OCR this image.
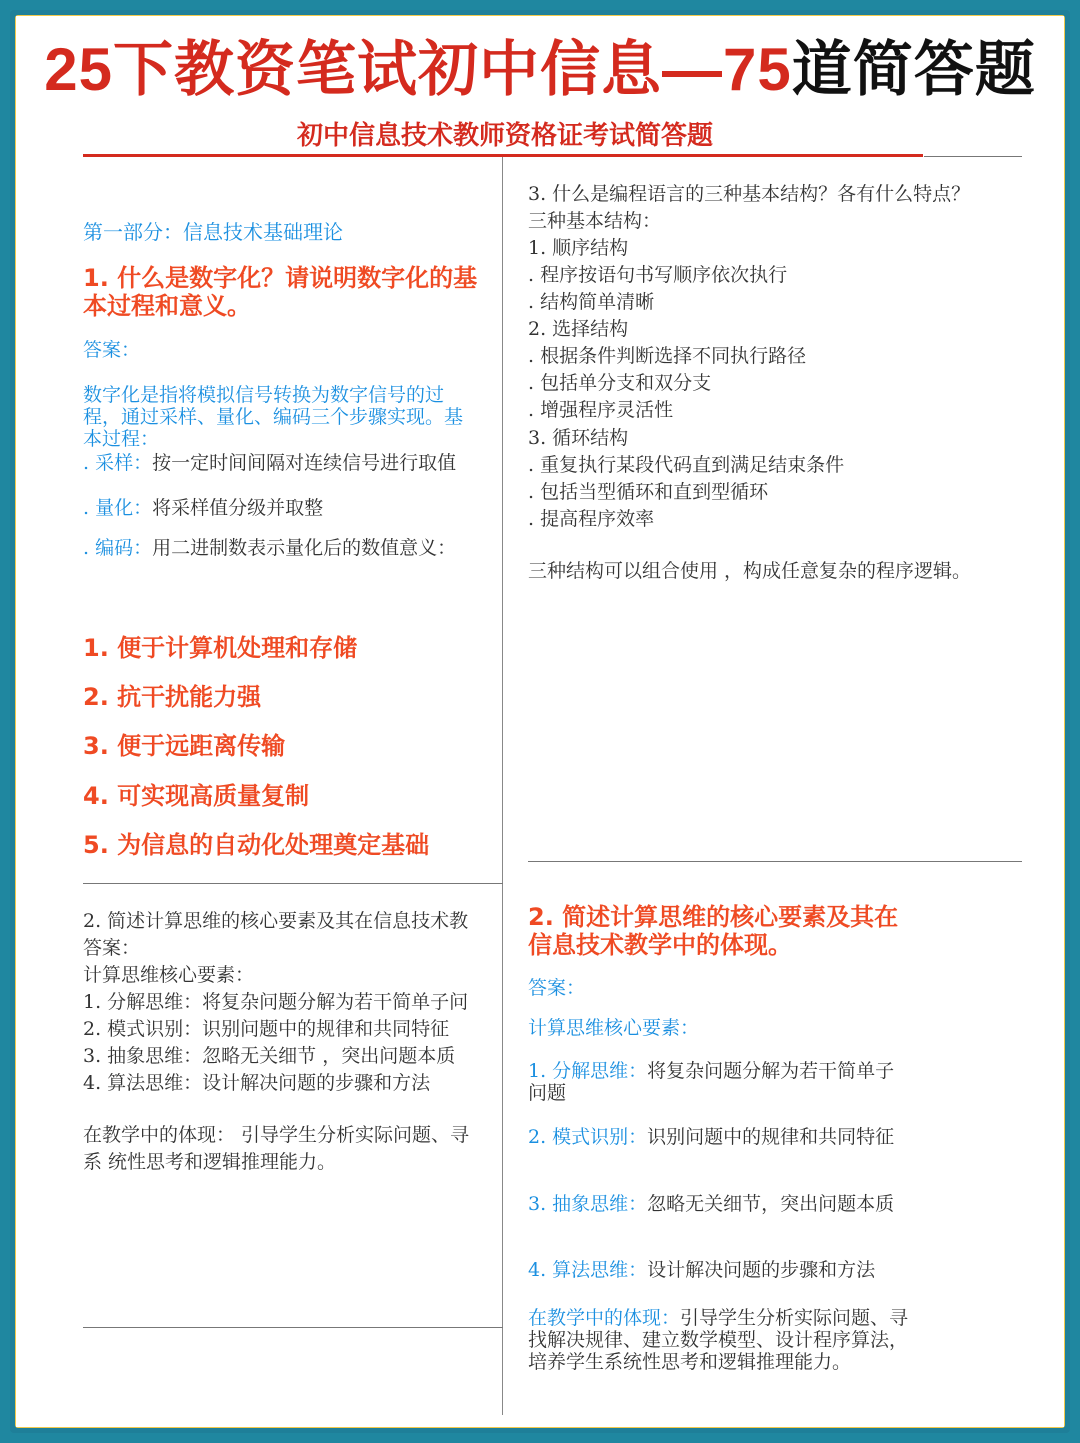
25下教资笔试初中信息—75道简答题
初中信息技术教师资格证考试简答题

第一部分：信息技术基础理论

1. 什么是数字化？请说明数字化的基本过程和意义。

答案：

数字化是指将模拟信号转换为数字信号的过程，通过采样、量化、编码三个步骤实现。基本过程：

. 采样：按一定时间间隔对连续信号进行取值

. 量化：将采样值分级并取整

. 编码：用二进制数表示量化后的数值意义：

1. 便于计算机处理和存储

2. 抗干扰能力强

3. 便于远距离传输

4. 可实现高质量复制

5. 为信息的自动化处理奠定基础

2. 简述计算思维的核心要素及其在信息技术教

答案：

计算思维核心要素：

1. 分解思维：将复杂问题分解为若干简单子问

2. 模式识别：识别问题中的规律和共同特征

3. 抽象思维：忽略无关细节 ，突出问题本质

4. 算法思维：设计解决问题的步骤和方法

在教学中的体现： 引导学生分析实际问题、寻

系 统性思考和逻辑推理能力。

3. 什么是编程语言的三种基本结构？各有什么特点？

三种基本结构：

1. 顺序结构

. 程序按语句书写顺序依次执行

. 结构简单清晰

2. 选择结构

. 根据条件判断选择不同执行路径

. 包括单分支和双分支

. 增强程序灵活性

3. 循环结构

. 重复执行某段代码直到满足结束条件

. 包括当型循环和直到型循环

. 提高程序效率

三种结构可以组合使用 ，构成任意复杂的程序逻辑。

2. 简述计算思维的核心要素及其在信息技术教学中的体现。

答案：

计算思维核心要素：

1. 分解思维：将复杂问题分解为若干简单子问题

2. 模式识别：识别问题中的规律和共同特征

3. 抽象思维：忽略无关细节，突出问题本质

4. 算法思维：设计解决问题的步骤和方法

在教学中的体现：引导学生分析实际问题、寻找解决规律、建立数学模型、设计程序算法，培养学生系统性思考和逻辑推理能力。
